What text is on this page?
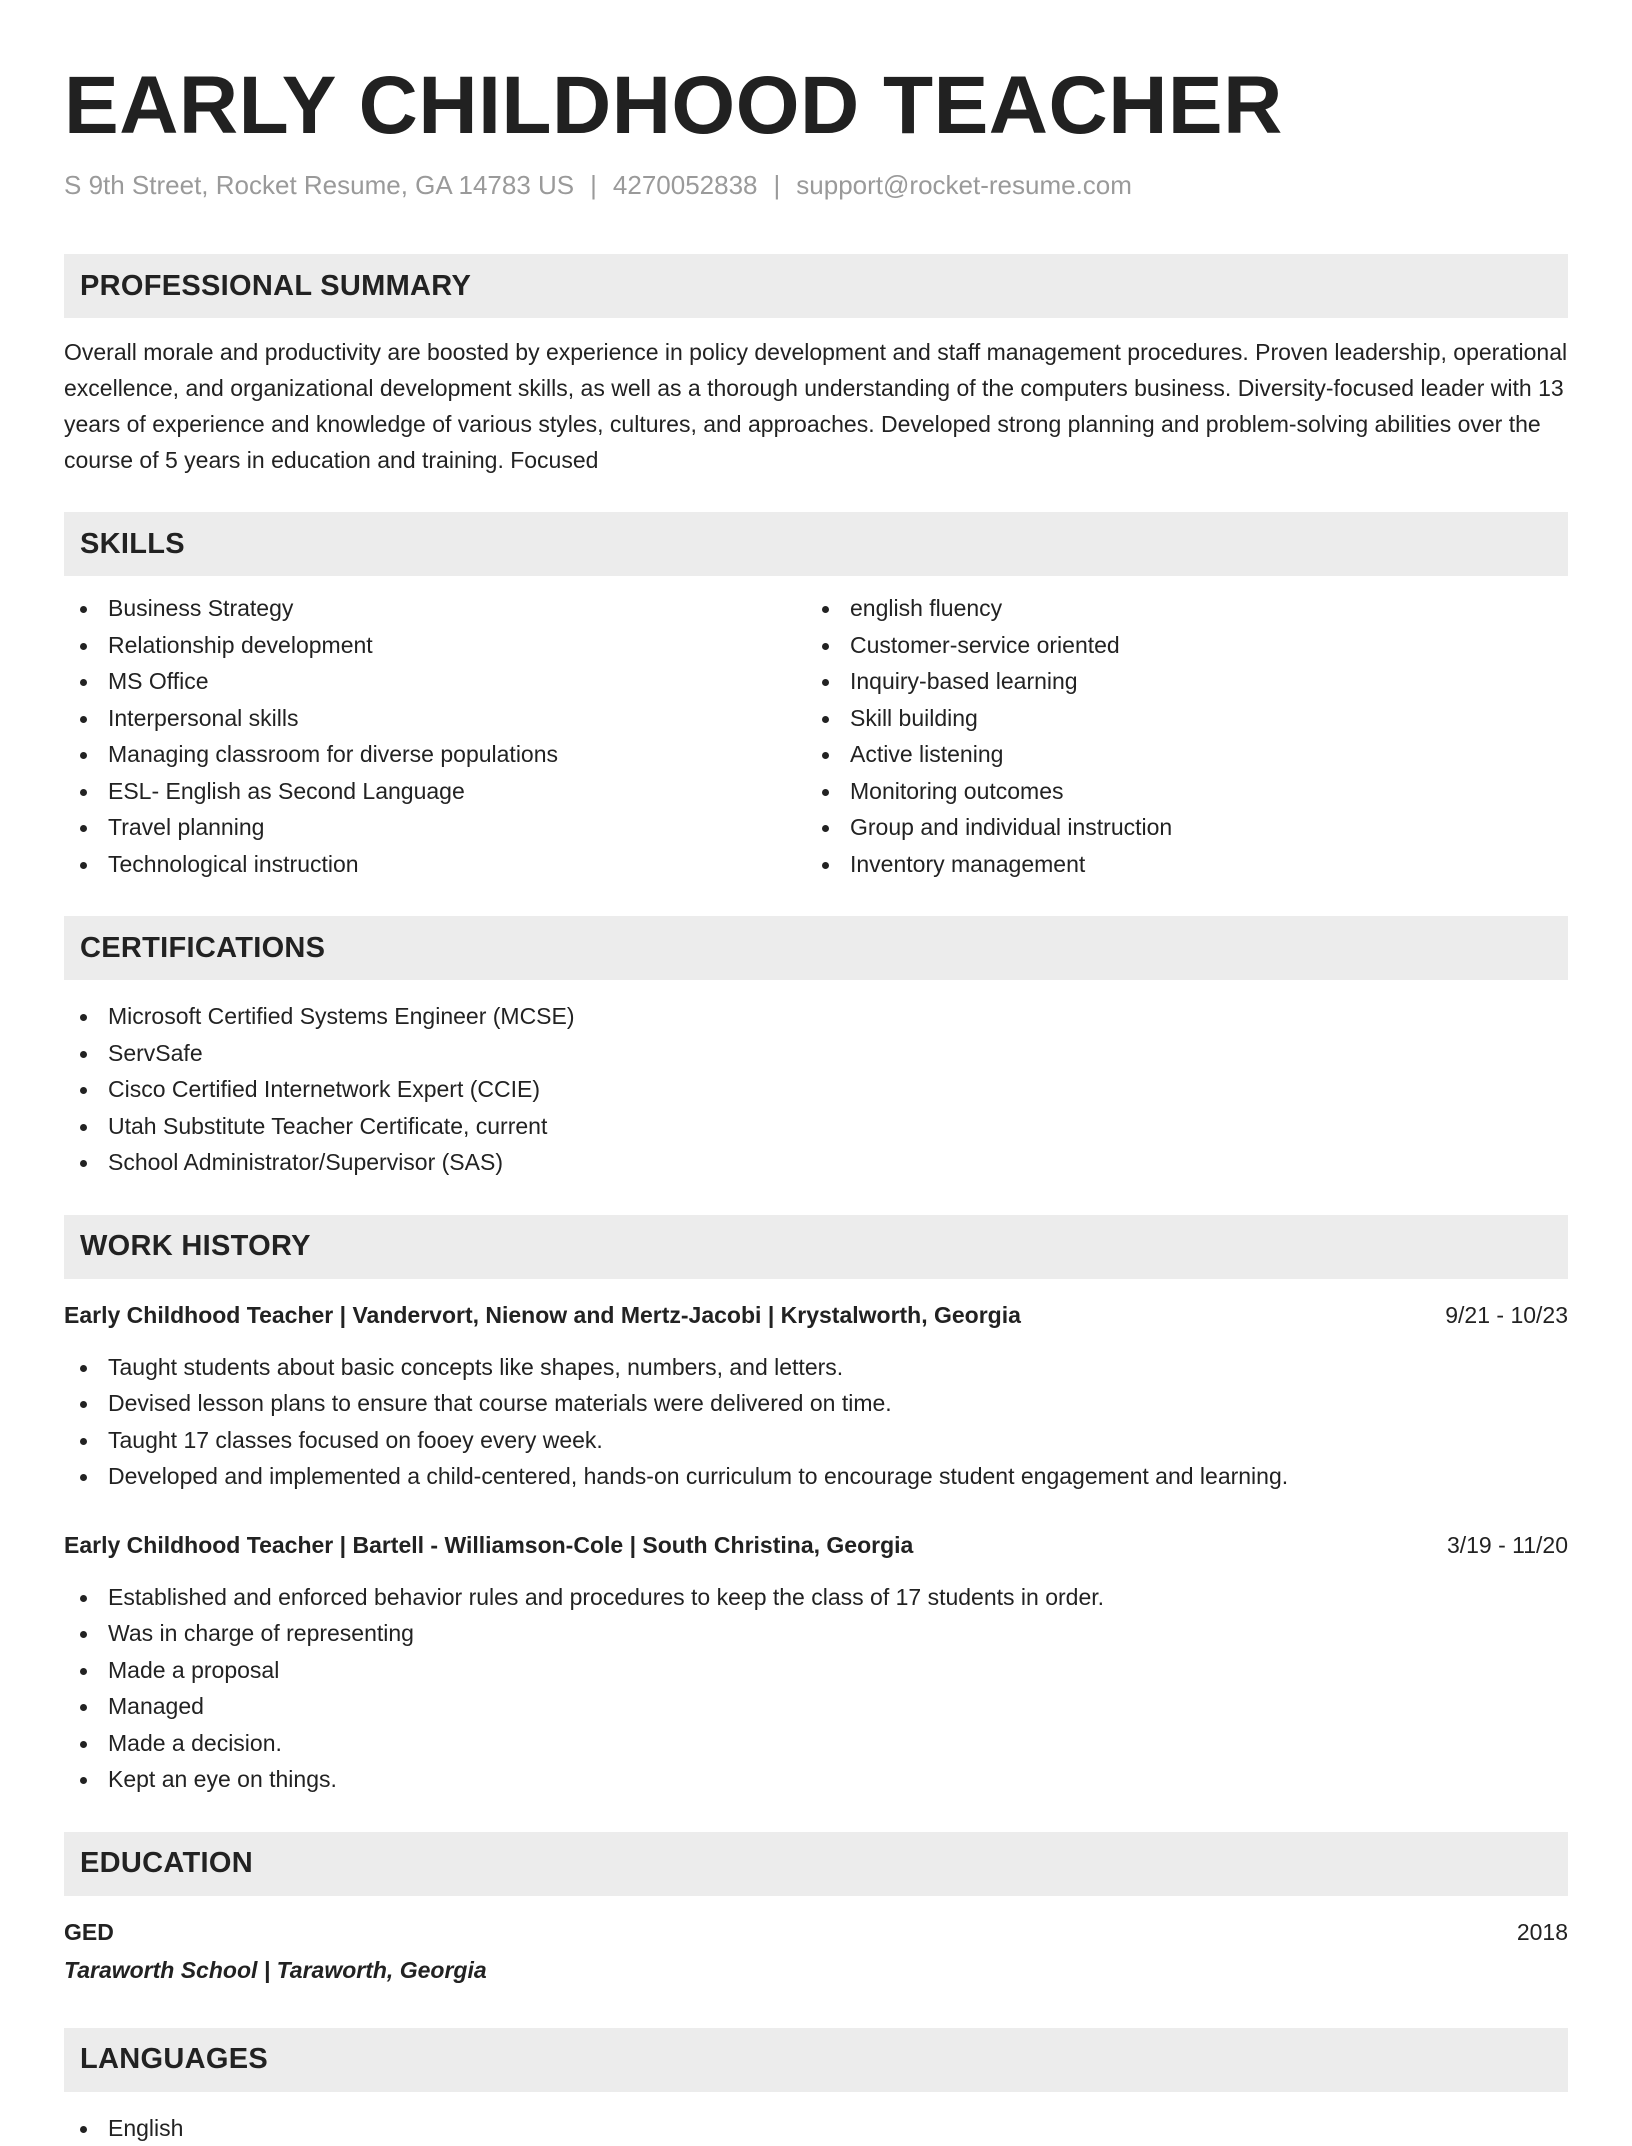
EARLY CHILDHOOD TEACHER
S 9th Street, Rocket Resume, GA 14783 US | 4270052838 | support@rocket-resume.com
PROFESSIONAL SUMMARY

Overall morale and productivity are boosted by experience in policy development and staff management procedures. Proven leadership, operational excellence, and organizational development skills, as well as a thorough understanding of the computers business. Diversity-focused leader with 13 years of experience and knowledge of various styles, cultures, and approaches. Developed strong planning and problem-solving abilities over the course of 5 years in education and training. Focused

SKILLS
Business Strategy
Relationship development
MS Office
Interpersonal skills
Managing classroom for diverse populations
ESL- English as Second Language
Travel planning
Technological instruction
english fluency
Customer-service oriented
Inquiry-based learning
Skill building
Active listening
Monitoring outcomes
Group and individual instruction
Inventory management
CERTIFICATIONS
Microsoft Certified Systems Engineer (MCSE)
ServSafe
Cisco Certified Internetwork Expert (CCIE)
Utah Substitute Teacher Certificate, current
School Administrator/Supervisor (SAS)
WORK HISTORY
Early Childhood Teacher | Vandervort, Nienow and Mertz-Jacobi | Krystalworth, Georgia	9/21 - 10/23
Taught students about basic concepts like shapes, numbers, and letters.
Devised lesson plans to ensure that course materials were delivered on time.
Taught 17 classes focused on fooey every week.
Developed and implemented a child-centered, hands-on curriculum to encourage student engagement and learning.
Early Childhood Teacher | Bartell - Williamson-Cole | South Christina, Georgia	3/19 - 11/20
Established and enforced behavior rules and procedures to keep the class of 17 students in order.
Was in charge of representing
Made a proposal
Managed
Made a decision.
Kept an eye on things.
EDUCATION
GED	2018
Taraworth School | Taraworth, Georgia
LANGUAGES
English
